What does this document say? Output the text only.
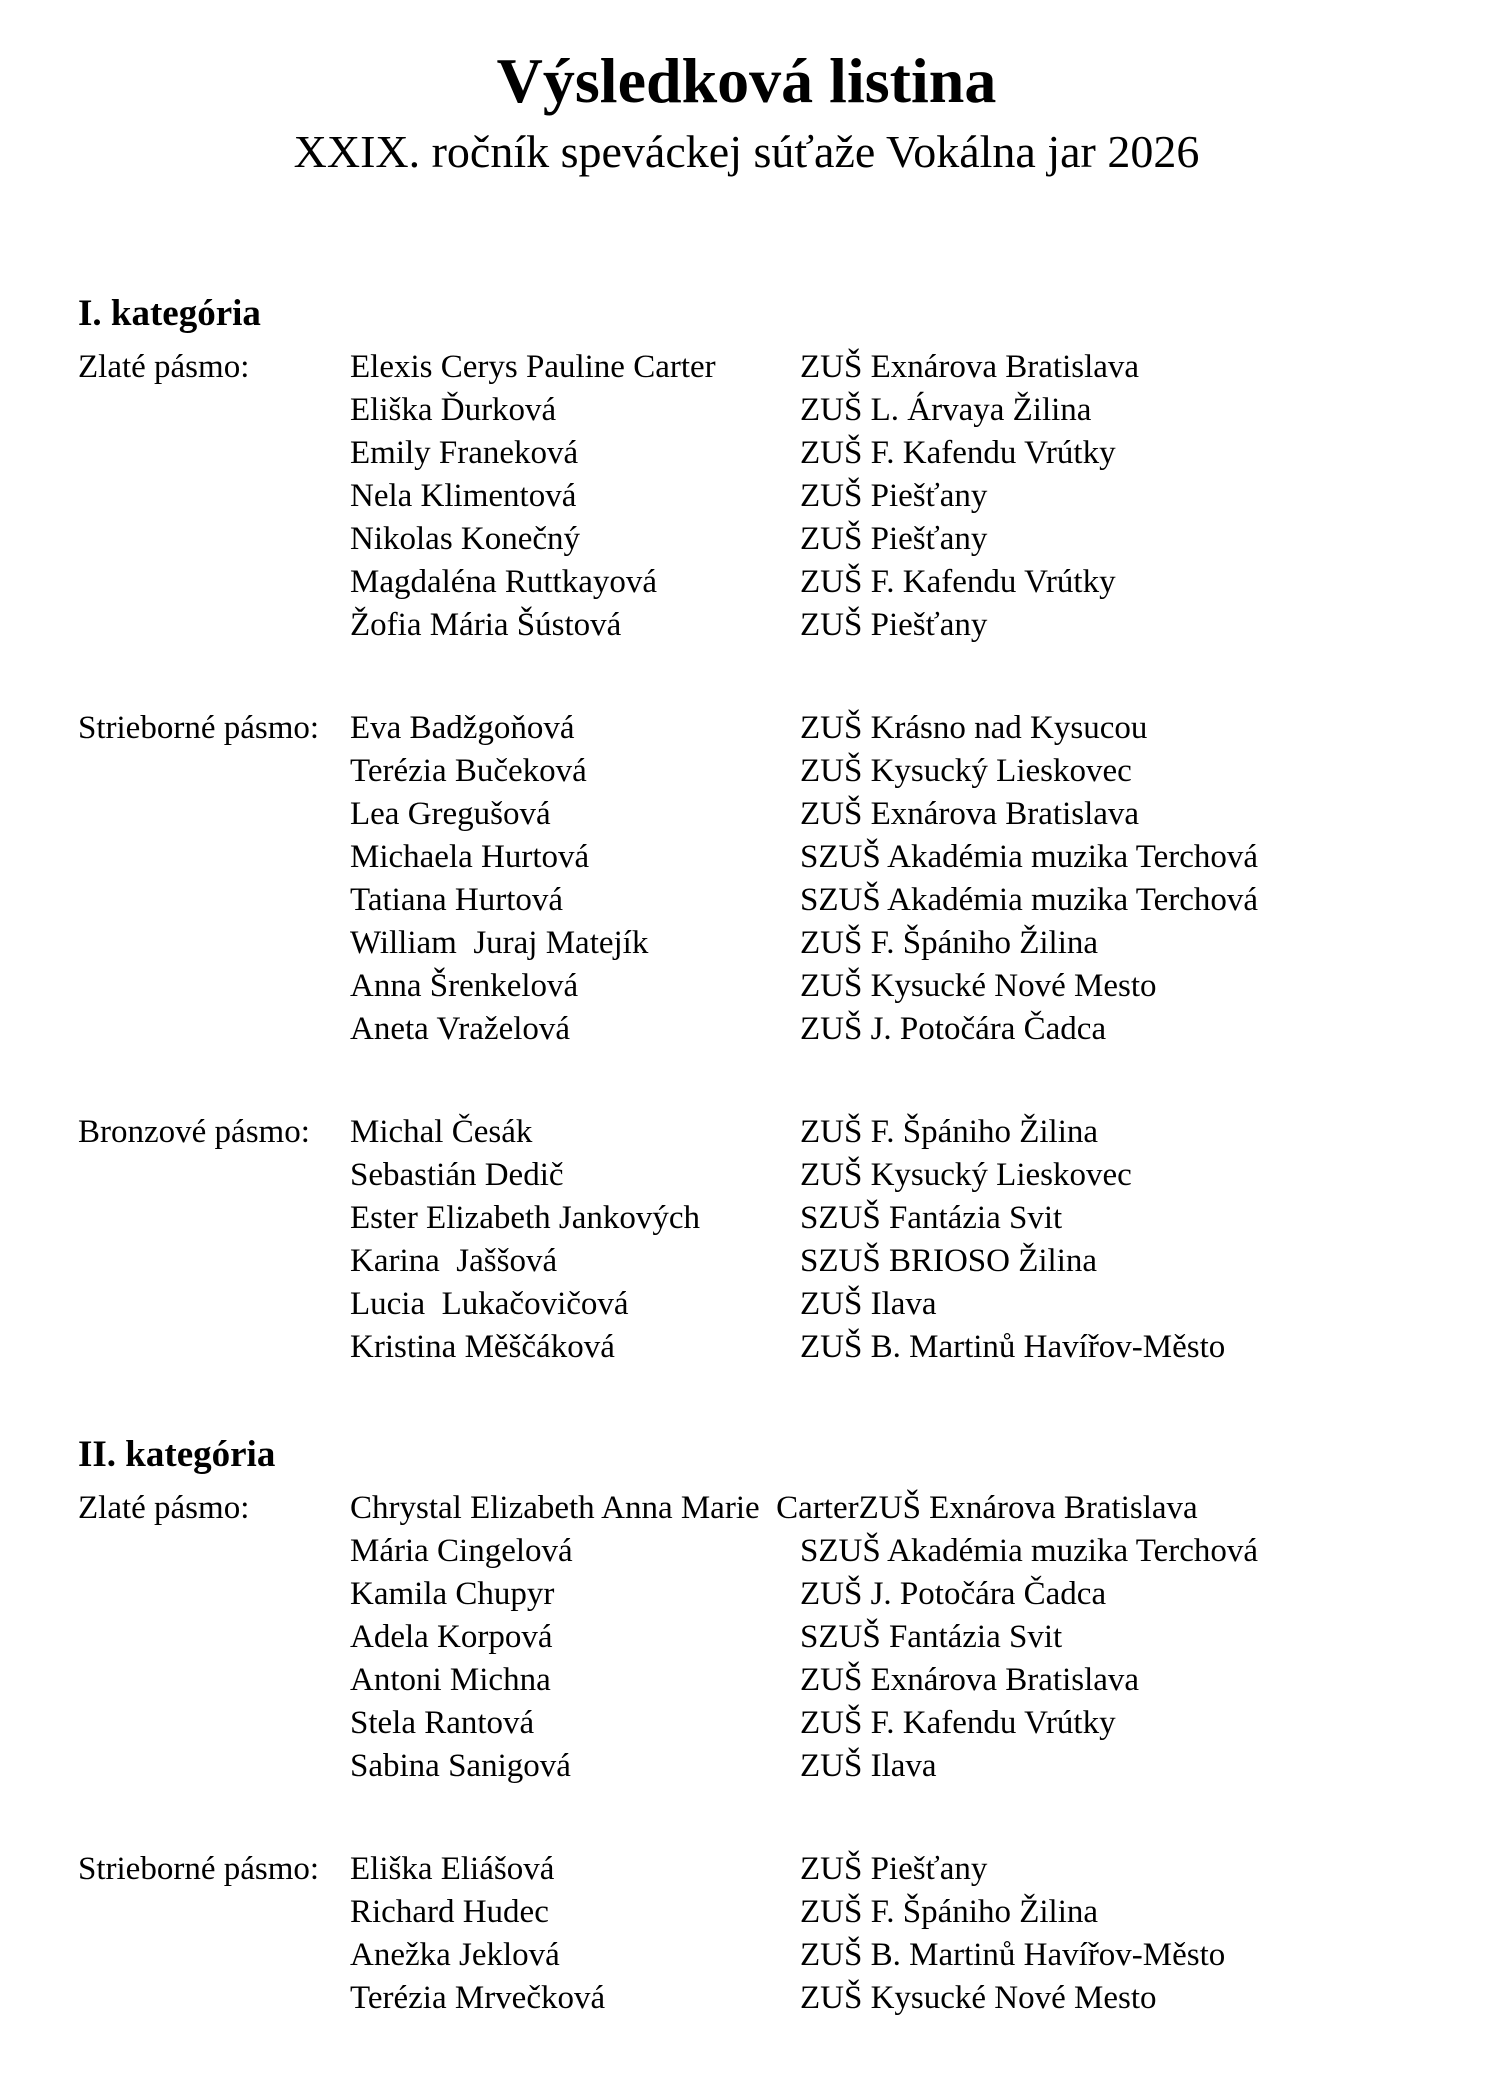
Výsledková listina
XXIX. ročník speváckej súťaže Vokálna jar 2026
I. kategória
Zlaté pásmo:	Elexis Cerys Pauline Carter	ZUŠ Exnárova Bratislava
Eliška Ďurková	ZUŠ L. Árvaya Žilina
Emily Franeková	ZUŠ F. Kafendu Vrútky
Nela Klimentová	ZUŠ Piešťany
Nikolas Konečný	ZUŠ Piešťany
Magdaléna Ruttkayová	ZUŠ F. Kafendu Vrútky
Žofia Mária Šústová	ZUŠ Piešťany
Strieborné pásmo: Eva Badžgoňová	ZUŠ Krásno nad Kysucou
Terézia Bučeková	ZUŠ Kysucký Lieskovec
Lea Gregušová	ZUŠ Exnárova Bratislava
Michaela Hurtová	SZUŠ Akadémia muzika Terchová
Tatiana Hurtová	SZUŠ Akadémia muzika Terchová
William  Juraj Matejík	ZUŠ F. Špániho Žilina
Anna Šrenkelová	ZUŠ Kysucké Nové Mesto
Aneta Vraželová	ZUŠ J. Potočára Čadca
Bronzové pásmo:	Michal Česák	ZUŠ F. Špániho Žilina
Sebastián Dedič	ZUŠ Kysucký Lieskovec
Ester Elizabeth Jankových	SZUŠ Fantázia Svit
Karina  Jaššová	SZUŠ BRIOSO Žilina
Lucia  Lukačovičová	ZUŠ Ilava
Kristina Měščáková	ZUŠ B. Martinů Havířov-Město
II. kategória
Zlaté pásmo:	Chrystal Elizabeth Anna Marie  Carter ZUŠ Exnárova Bratislava
Mária Cingelová	SZUŠ Akadémia muzika Terchová
Kamila Chupyr	ZUŠ J. Potočára Čadca
Adela Korpová	SZUŠ Fantázia Svit
Antoni Michna	ZUŠ Exnárova Bratislava
Stela Rantová	ZUŠ F. Kafendu Vrútky
Sabina Sanigová	ZUŠ Ilava
Strieborné pásmo: Eliška Eliášová	ZUŠ Piešťany
Richard Hudec	ZUŠ F. Špániho Žilina
Anežka Jeklová	ZUŠ B. Martinů Havířov-Město
Terézia Mrvečková	ZUŠ Kysucké Nové Mesto
